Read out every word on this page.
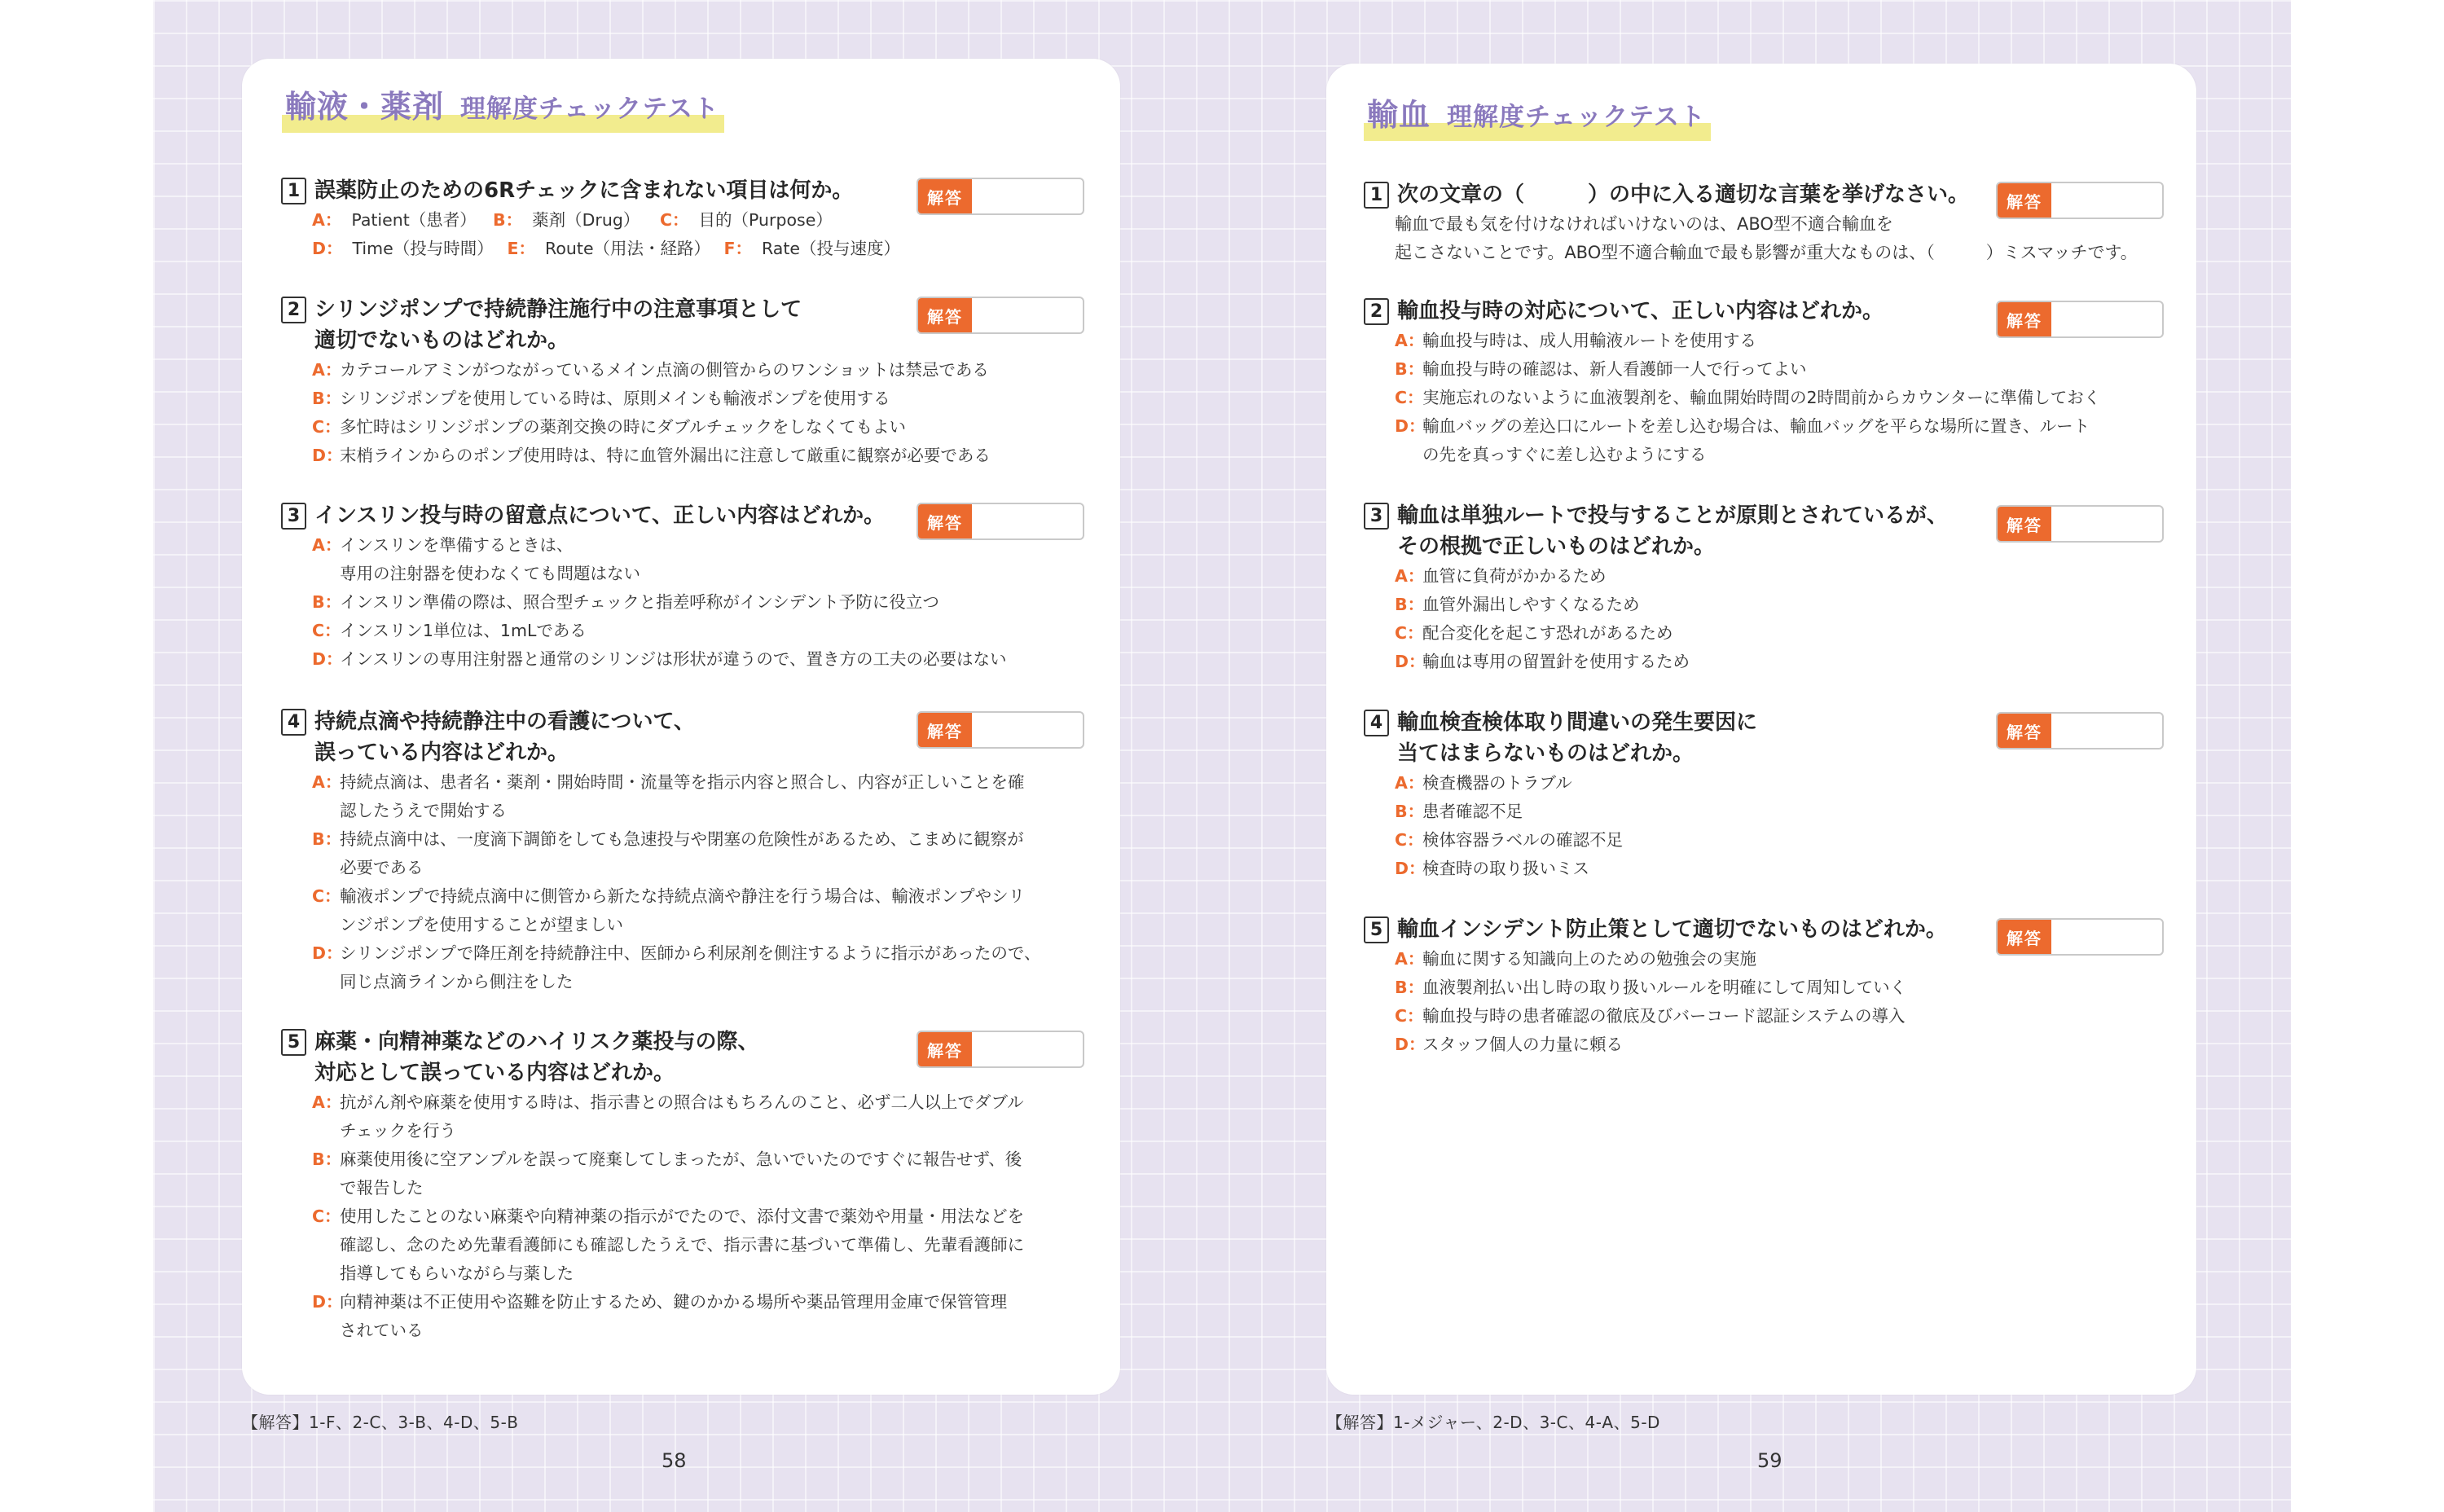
輸液・薬剤 理解度チェックテスト
1 誤薬防止のための6Rチェックに含まれない項目は何か。
A： Patient（患者） B： 薬剤（Drug） C： 目的（Purpose）
D： Time（投与時間） E： Route（用法・経路） F： Rate（投与速度）
解答
2 シリンジポンプで持続静注施行中の注意事項として
適切でないものはどれか。
A：
カテコールアミンがつながっているメイン点滴の側管からのワンショットは禁忌である
B：
シリンジポンプを使用している時は、原則メインも輸液ポンプを使用する
C：
多忙時はシリンジポンプの薬剤交換の時にダブルチェックをしなくてもよい
D：
末梢ラインからのポンプ使用時は、特に血管外漏出に注意して厳重に観察が必要である
解答
3 インスリン投与時の留意点について、正しい内容はどれか。
A：
インスリンを準備するときは、
専用の注射器を使わなくても問題はない
B：
インスリン準備の際は、照合型チェックと指差呼称がインシデント予防に役立つ
C：
インスリン1単位は、1mLである
D：
インスリンの専用注射器と通常のシリンジは形状が違うので、置き方の工夫の必要はない
解答
4 持続点滴や持続静注中の看護について、
誤っている内容はどれか。
A：
持続点滴は、患者名・薬剤・開始時間・流量等を指示内容と照合し、内容が正しいことを確
認したうえで開始する
B：
持続点滴中は、一度滴下調節をしても急速投与や閉塞の危険性があるため、こまめに観察が
必要である
C：
輸液ポンプで持続点滴中に側管から新たな持続点滴や静注を行う場合は、輸液ポンプやシリ
ンジポンプを使用することが望ましい
D：
シリンジポンプで降圧剤を持続静注中、医師から利尿剤を側注するように指示があったので、
同じ点滴ラインから側注をした
解答
5 麻薬・向精神薬などのハイリスク薬投与の際、
対応として誤っている内容はどれか。
A：
抗がん剤や麻薬を使用する時は、指示書との照合はもちろんのこと、必ず二人以上でダブル
チェックを行う
B：
麻薬使用後に空アンプルを誤って廃棄してしまったが、急いでいたのですぐに報告せず、後
で報告した
C：
使用したことのない麻薬や向精神薬の指示がでたので、添付文書で薬効や用量・用法などを
確認し、念のため先輩看護師にも確認したうえで、指示書に基づいて準備し、先輩看護師に
指導してもらいながら与薬した
D：
向精神薬は不正使用や盗難を防止するため、鍵のかかる場所や薬品管理用金庫で保管管理
されている
解答
【解答】1-F、2-C、3-B、4-D、5-B
58
輸血 理解度チェックテスト
1 次の文章の（　　　）の中に入る適切な言葉を挙げなさい。
輸血で最も気を付けなければいけないのは、ABO型不適合輸血を
起こさないことです。ABO型不適合輸血で最も影響が重大なものは、（　　　）ミスマッチです。
解答
2 輸血投与時の対応について、正しい内容はどれか。
A：
輸血投与時は、成人用輸液ルートを使用する
B：
輸血投与時の確認は、新人看護師一人で行ってよい
C：
実施忘れのないように血液製剤を、輸血開始時間の2時間前からカウンターに準備しておく
D：
輸血バッグの差込口にルートを差し込む場合は、輸血バッグを平らな場所に置き、ルート
の先を真っすぐに差し込むようにする
解答
3 輸血は単独ルートで投与することが原則とされているが、
その根拠で正しいものはどれか。
A：
血管に負荷がかかるため
B：
血管外漏出しやすくなるため
C：
配合変化を起こす恐れがあるため
D：
輸血は専用の留置針を使用するため
解答
4 輸血検査検体取り間違いの発生要因に
当てはまらないものはどれか。
A：
検査機器のトラブル
B：
患者確認不足
C：
検体容器ラベルの確認不足
D：
検査時の取り扱いミス
解答
5 輸血インシデント防止策として適切でないものはどれか。
A：
輸血に関する知識向上のための勉強会の実施
B：
血液製剤払い出し時の取り扱いルールを明確にして周知していく
C：
輸血投与時の患者確認の徹底及びバーコード認証システムの導入
D：
スタッフ個人の力量に頼る
解答
【解答】1-メジャー、2-D、3-C、4-A、5-D
59
